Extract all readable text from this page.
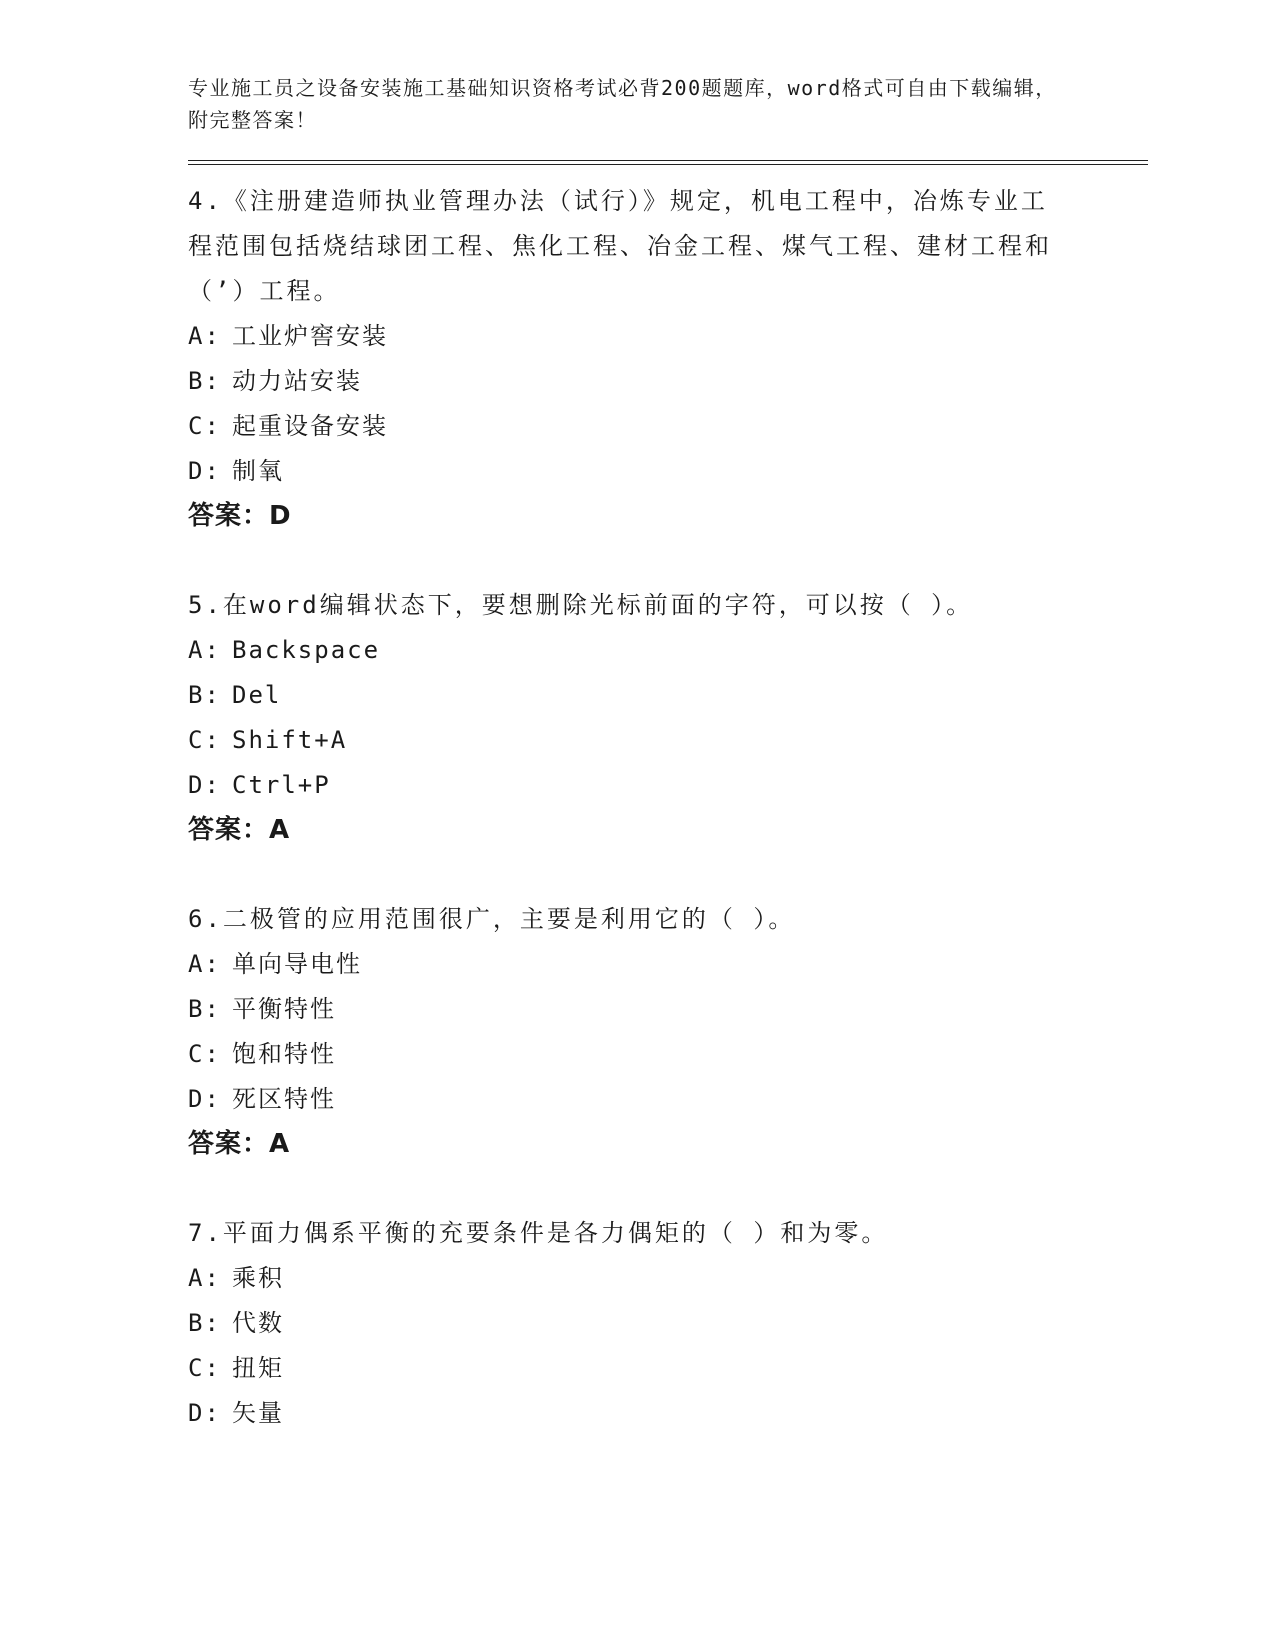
专业施工员之设备安装施工基础知识资格考试必背200题题库，word格式可自由下载编辑，附完整答案！
4.《注册建造师执业管理办法（试行）》规定，机电工程中，冶炼专业工程范围包括烧结球团工程、焦化工程、冶金工程、煤气工程、建材工程和（’）工程。
A: 工业炉窖安装
B: 动力站安装
C: 起重设备安装
D: 制氧
答案：D
5.在word编辑状态下，要想删除光标前面的字符，可以按（ ）。
A: Backspace
B: Del
C: Shift+A
D: Ctrl+P
答案：A
6.二极管的应用范围很广，主要是利用它的（ ）。
A: 单向导电性
B: 平衡特性
C: 饱和特性
D: 死区特性
答案：A
7.平面力偶系平衡的充要条件是各力偶矩的（ ）和为零。
A: 乘积
B: 代数
C: 扭矩
D: 矢量
